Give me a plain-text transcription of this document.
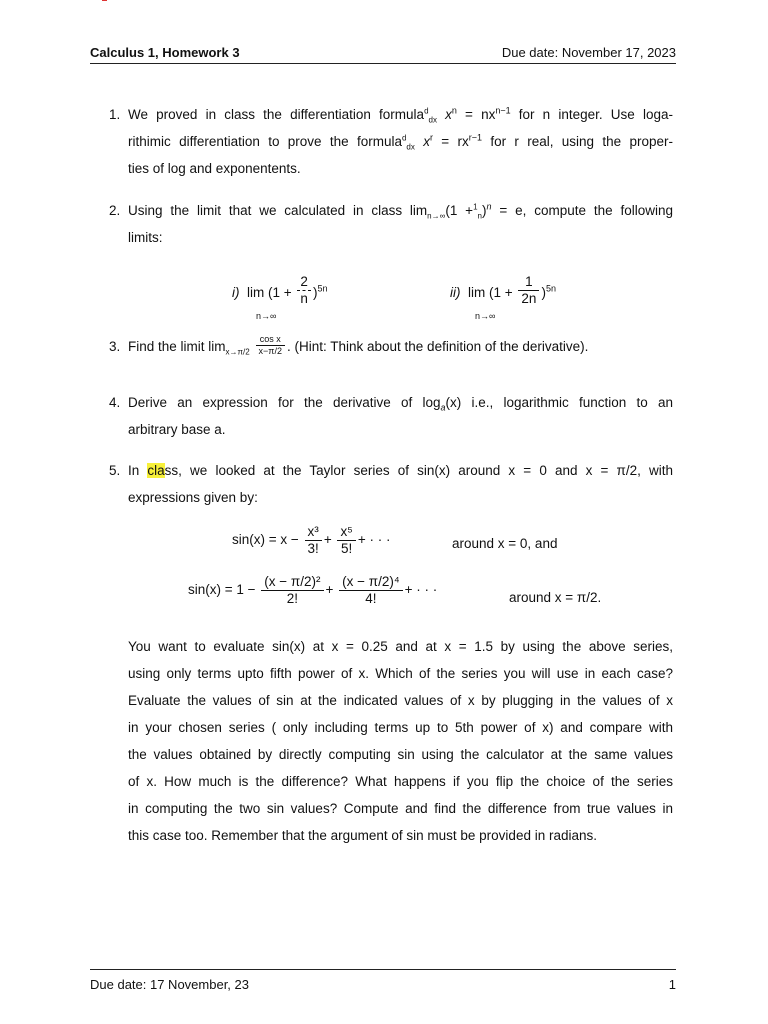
Calculus 1, Homework 3	Due date: November 17, 2023
1. We proved in class the differentiation formula$^d_{dx}$ $x^n = nx^{n-1}$ for n integer. Use loga-
rithimic differentiation to prove the formula$^d_{dx}$ $x^r = rx^{r-1}$ for r real, using the proper-
ties of log and exponentents.
2. Using the limit that we calculated in class $\lim_{n\to\infty}(1 +^1_n)^n = e$, compute the following
limits:
i) $\lim (1 + \frac{2}{n} )^{5n}$
n→∞
ii) $\lim (1 + \frac{1}{2n} )^{5n}$
n→∞
3. Find the limit $\lim_{x\to\pi/2} \frac{\text{cos x}}{x-\pi/2}$ . (Hint: Think about the definition of the derivative).
4. Derive an expression for the derivative of $\log_a(x)$ i.e., logarithmic function to an
arbitrary base a.
5. In class, we looked at the Taylor series of sin(x) around x = 0 and x = π/2, with
expressions given by:
$\sin(x) = x - \frac{\text{x³}}{3!} + \frac{\text{x⁵}}{5!}$ + · · ·	around x = 0, and
$\sin(x) = 1 - \frac{\text{(x − π/2)²}}{2!} + \frac{\text{(x − π/2)⁴}}{4!}$ + · · ·
around x = π/2.
You want to evaluate sin(x) at x = 0.25 and at x = 1.5 by using the above series,
using only terms upto fifth power of x. Which of the series you will use in each case?
Evaluate the values of sin at the indicated values of x by plugging in the values of x
in your chosen series ( only including terms up to 5th power of x) and compare with
the values obtained by directly computing sin using the calculator at the same values
of x. How much is the difference? What happens if you flip the choice of the series
in computing the two sin values? Compute and find the difference from true values in
this case too. Remember that the argument of sin must be provided in radians.
Due date: 17 November, 23	1
